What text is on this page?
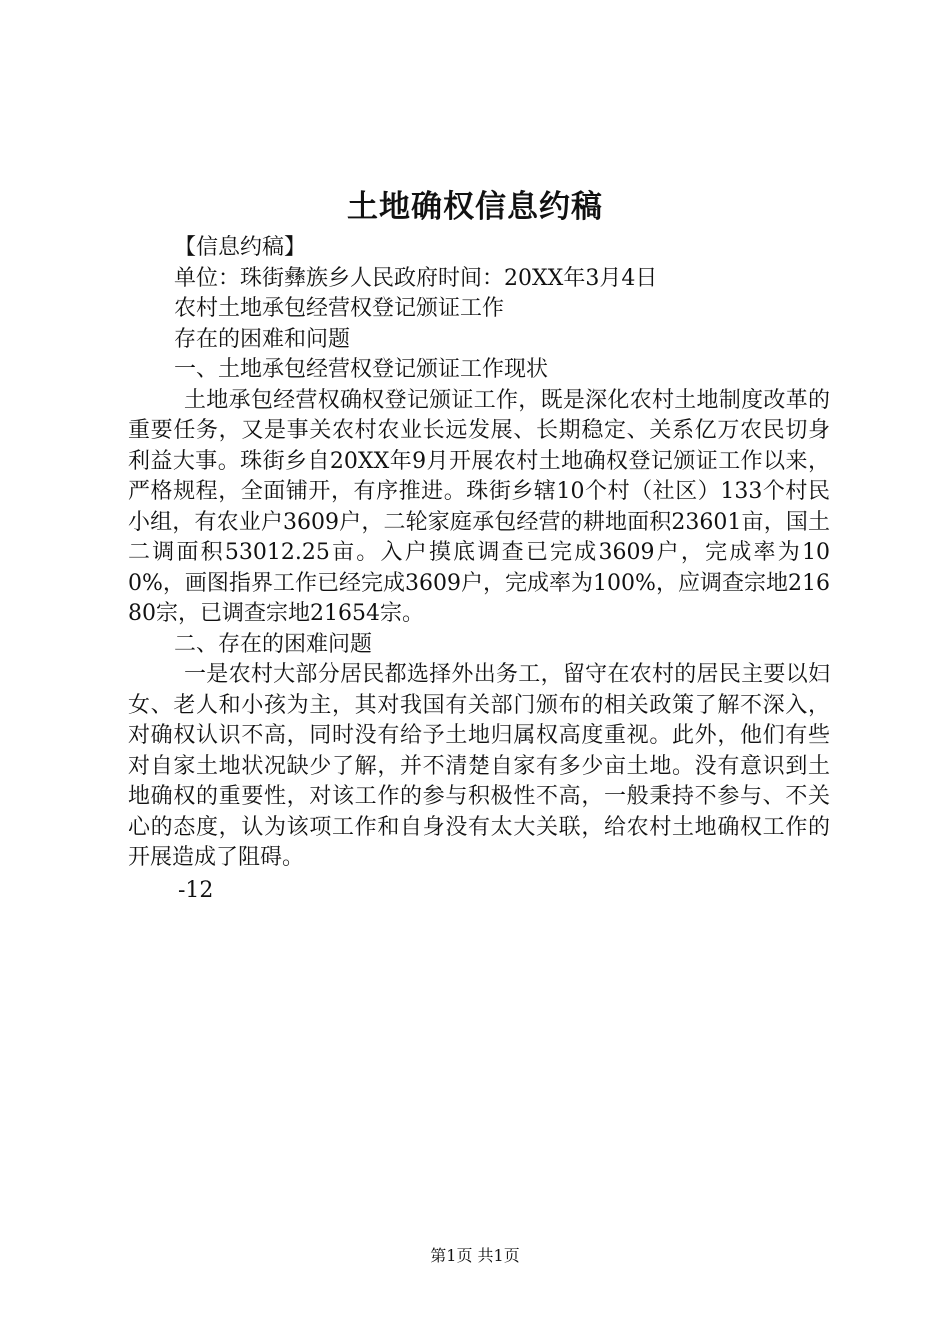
土地确权信息约稿

【信息约稿】

单位：珠街彝族乡人民政府时间：20XX年3月4日

农村土地承包经营权登记颁证工作

存在的困难和问题

一、土地承包经营权登记颁证工作现状

土地承包经营权确权登记颁证工作，既是深化农村土地制度改革的重要任务，又是事关农村农业长远发展、长期稳定、关系亿万农民切身利益大事。珠街乡自20XX年9月开展农村土地确权登记颁证工作以来，严格规程，全面铺开，有序推进。珠街乡辖10个村（社区）133个村民小组，有农业户3609户，二轮家庭承包经营的耕地面积23601亩，国土二调面积53012.25亩。入户摸底调查已完成3609户，完成率为100%，画图指界工作已经完成3609户，完成率为100%，应调查宗地21680宗，已调查宗地21654宗。

二、存在的困难问题

一是农村大部分居民都选择外出务工，留守在农村的居民主要以妇女、老人和小孩为主，其对我国有关部门颁布的相关政策了解不深入，对确权认识不高，同时没有给予土地归属权高度重视。此外，他们有些对自家土地状况缺少了解，并不清楚自家有多少亩土地。没有意识到土地确权的重要性，对该工作的参与积极性不高，一般秉持不参与、不关心的态度，认为该项工作和自身没有太大关联，给农村土地确权工作的开展造成了阻碍。

-12

第1页 共1页
